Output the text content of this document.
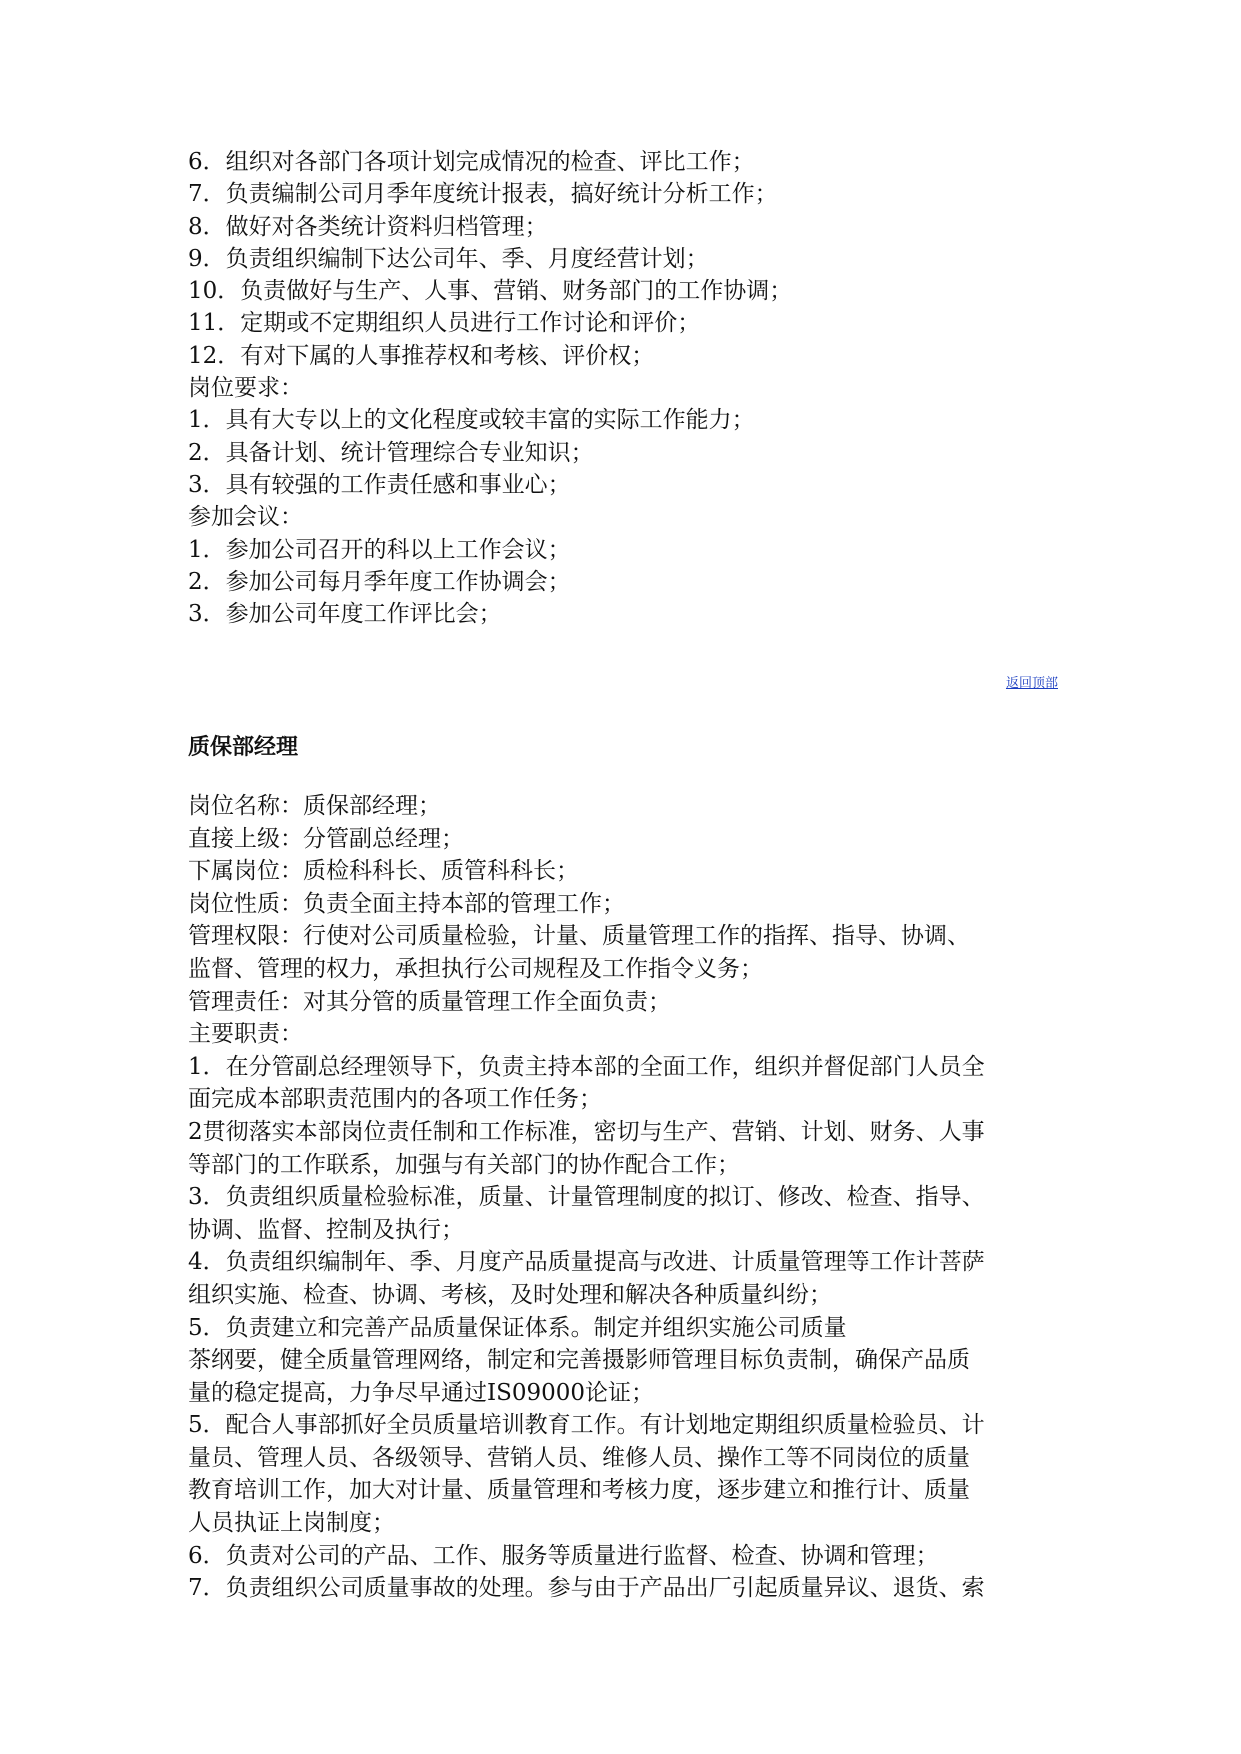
6．组织对各部门各项计划完成情况的检查、评比工作；
7．负责编制公司月季年度统计报表，搞好统计分析工作；
8．做好对各类统计资料归档管理；
9．负责组织编制下达公司年、季、月度经营计划；
10．负责做好与生产、人事、营销、财务部门的工作协调；
11．定期或不定期组织人员进行工作讨论和评价；
12．有对下属的人事推荐权和考核、评价权；
岗位要求：
1．具有大专以上的文化程度或较丰富的实际工作能力；
2．具备计划、统计管理综合专业知识；
3．具有较强的工作责任感和事业心；
参加会议：
1．参加公司召开的科以上工作会议；
2．参加公司每月季年度工作协调会；
3．参加公司年度工作评比会；
返回顶部
质保部经理
岗位名称：质保部经理；
直接上级：分管副总经理；
下属岗位：质检科科长、质管科科长；
岗位性质：负责全面主持本部的管理工作；
管理权限：行使对公司质量检验，计量、质量管理工作的指挥、指导、协调、
监督、管理的权力，承担执行公司规程及工作指令义务；
管理责任：对其分管的质量管理工作全面负责；
主要职责：
1．在分管副总经理领导下，负责主持本部的全面工作，组织并督促部门人员全
面完成本部职责范围内的各项工作任务；
2贯彻落实本部岗位责任制和工作标准，密切与生产、营销、计划、财务、人事
等部门的工作联系，加强与有关部门的协作配合工作；
3．负责组织质量检验标准，质量、计量管理制度的拟订、修改、检查、指导、
协调、监督、控制及执行；
4．负责组织编制年、季、月度产品质量提高与改进、计质量管理等工作计菩萨
组织实施、检查、协调、考核，及时处理和解决各种质量纠纷；
5．负责建立和完善产品质量保证体系。制定并组织实施公司质量
茶纲要，健全质量管理网络，制定和完善摄影师管理目标负责制，确保产品质
量的稳定提高，力争尽早通过IS09000论证；
5．配合人事部抓好全员质量培训教育工作。有计划地定期组织质量检验员、计
量员、管理人员、各级领导、营销人员、维修人员、操作工等不同岗位的质量
教育培训工作，加大对计量、质量管理和考核力度，逐步建立和推行计、质量
人员执证上岗制度；
6．负责对公司的产品、工作、服务等质量进行监督、检查、协调和管理；
7．负责组织公司质量事故的处理。参与由于产品出厂引起质量异议、退货、索
